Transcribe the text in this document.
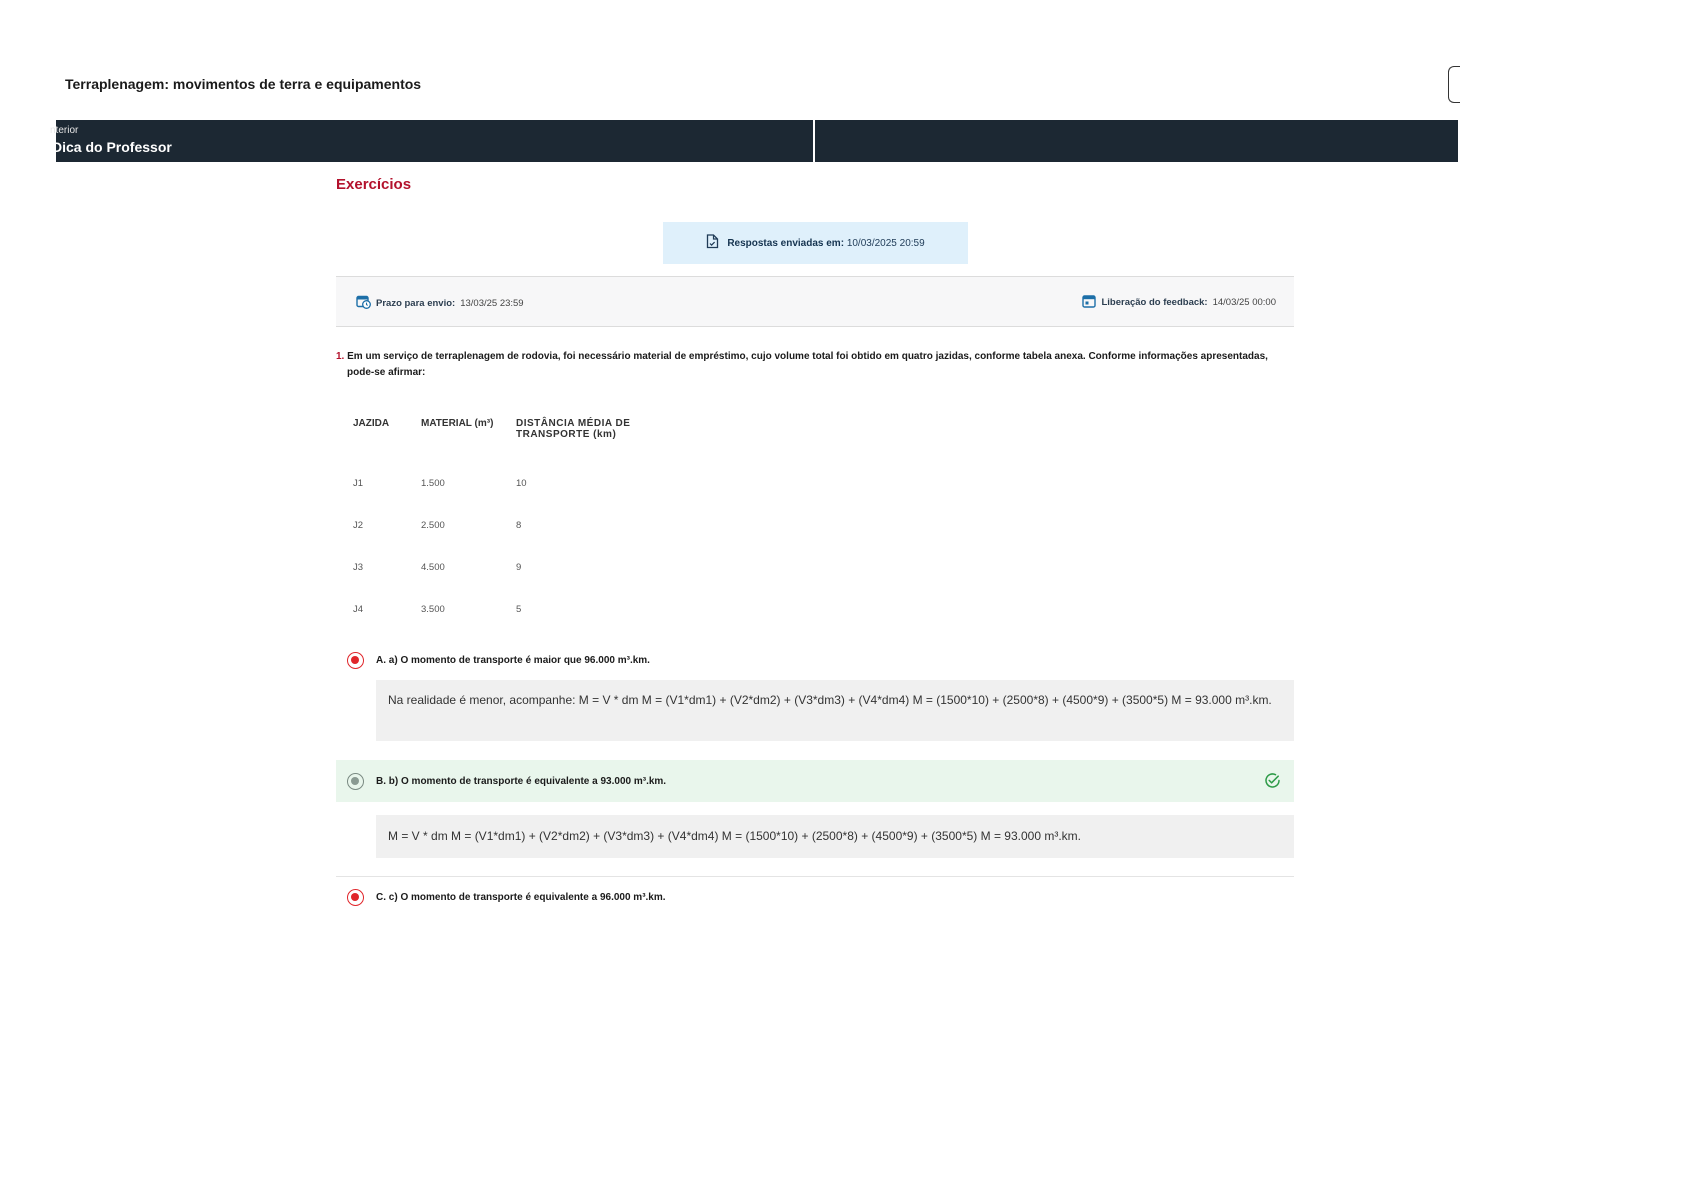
Terraplenagem: movimentos de terra e equipamentos
nterior
Dica do Professor
Exercícios
Respostas enviadas em: 10/03/2025 20:59
Prazo para envio: 13/03/25 23:59	Liberação do feedback: 14/03/25 00:00
1. Em um serviço de terraplenagem de rodovia, foi necessário material de empréstimo, cujo volume total foi obtido em quatro jazidas, conforme tabela anexa. Conforme informações apresentadas, pode-se afirmar:
JAZIDA	MATERIAL (m³)	DISTÂNCIA MÉDIA DE TRANSPORTE (km)
J1	1.500	10
J2	2.500	8
J3	4.500	9
J4	3.500	5
A. a) O momento de transporte é maior que 96.000 m³.km.
Na realidade é menor, acompanhe: M = V * dm M = (V1*dm1) + (V2*dm2) + (V3*dm3) + (V4*dm4) M = (1500*10) + (2500*8) + (4500*9) + (3500*5) M = 93.000 m³.km.
B. b) O momento de transporte é equivalente a 93.000 m³.km.
M = V * dm M = (V1*dm1) + (V2*dm2) + (V3*dm3) + (V4*dm4) M = (1500*10) + (2500*8) + (4500*9) + (3500*5) M = 93.000 m³.km.
C. c) O momento de transporte é equivalente a 96.000 m³.km.
